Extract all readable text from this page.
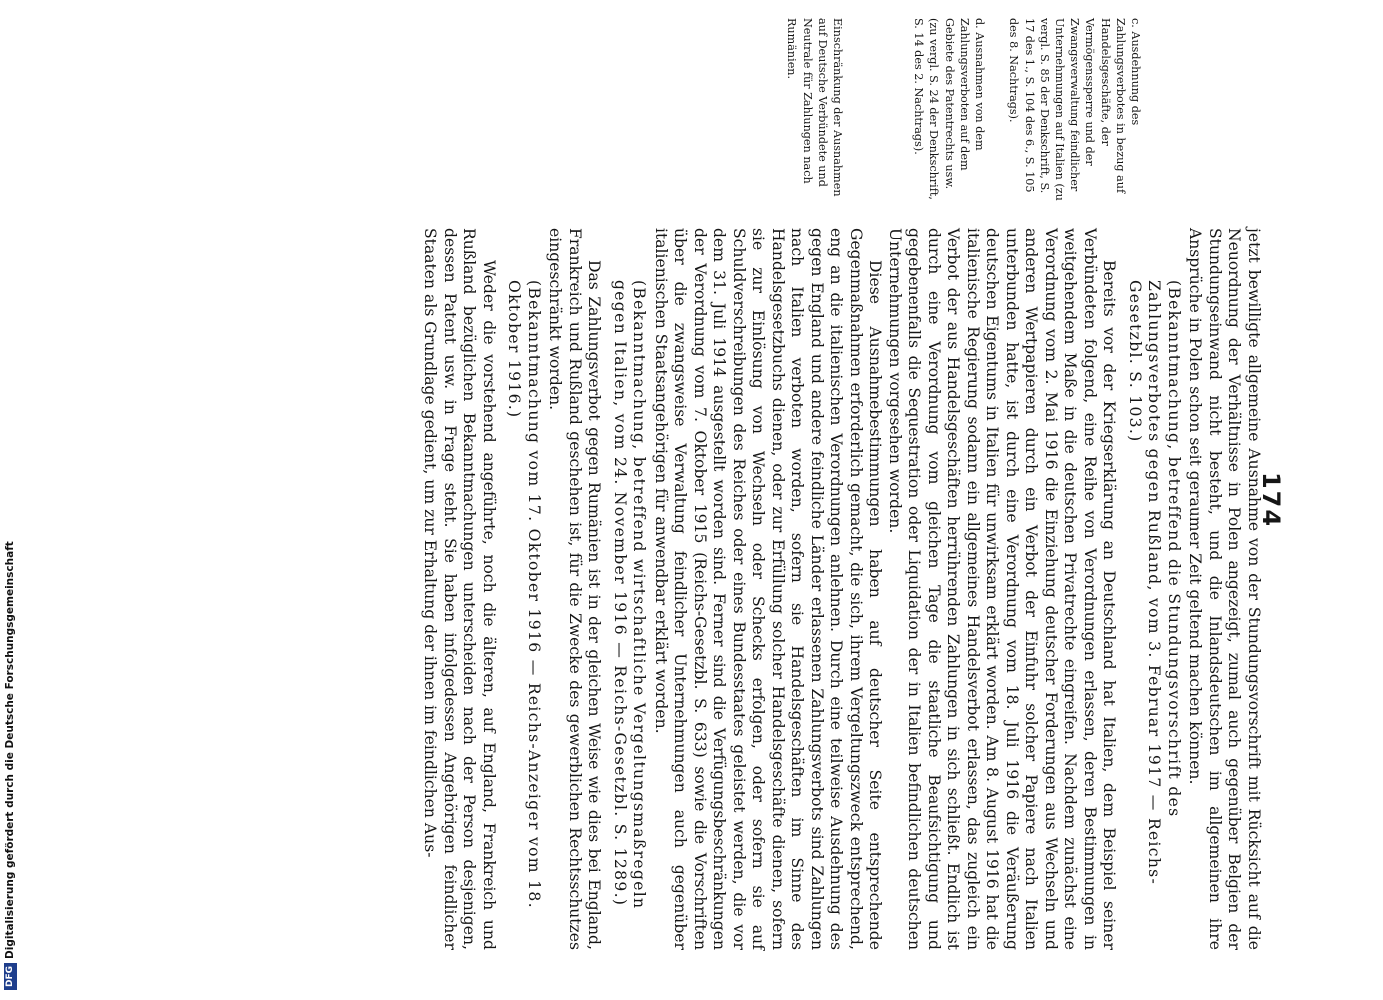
DFG
Digitalisierung gefördert durch die Deutsche Forschungsgemeinschaft
174
c. Ausdehnung des Zahlungsverbotes in bezug auf Handelsgeschäfte, der Vermögenssperre und der Zwangsverwaltung feindlicher Unternehmungen auf Italien (zu vergl. S. 85 der Denkschrift, S. 17 des 1., S. 104 des 6., S. 105 des 8. Nachtrags).
d. Ausnahmen von dem Zahlungsverboten auf dem Gebiete des Patentrechts usw. (zu vergl. S. 24 der Denkschrift, S. 14 des 2. Nachtrags).
Einschränkung der Ausnahmen auf Deutsche Verbündete und Neutrale für Zahlungen nach Rumänien.

jetzt bewilligte allgemeine Ausnahme von der Stundungsvorschrift mit Rücksicht auf die Neuordnung der Verhältnisse in Polen angezeigt, zumal auch gegenüber Belgien der Stundungseinwand nicht besteht, und die Inlandsdeutschen im allgemeinen ihre Ansprüche in Polen schon seit geraumer Zeit geltend machen können.

(Bekanntmachung, betreffend die Stundungsvorschrift des Zahlungsverbotes gegen Rußland, vom 3. Februar 1917 — Reichs-Gesetzbl. S. 103.)

Bereits vor der Kriegserklärung an Deutschland hat Italien, dem Beispiel seiner Verbündeten folgend, eine Reihe von Verordnungen erlassen, deren Bestimmungen in weitgehendem Maße in die deutschen Privatrechte eingreifen. Nachdem zunächst eine Verordnung vom 2. Mai 1916 die Einziehung deutscher Forderungen aus Wechseln und anderen Wertpapieren durch ein Verbot der Einfuhr solcher Papiere nach Italien unterbunden hatte, ist durch eine Verordnung vom 18. Juli 1916 die Veräußerung deutschen Eigentums in Italien für unwirksam erklärt worden. Am 8. August 1916 hat die italienische Regierung sodann ein allgemeines Handelsverbot erlassen, das zugleich ein Verbot der aus Handelsgeschäften herrührenden Zahlungen in sich schließt. Endlich ist durch eine Verordnung vom gleichen Tage die staatliche Beaufsichtigung und gegebenenfalls die Sequestration oder Liquidation der in Italien befindlichen deutschen Unternehmungen vorgesehen worden.

Diese Ausnahmebestimmungen haben auf deutscher Seite entsprechende Gegenmaßnahmen erforderlich gemacht, die sich, ihrem Vergeltungszweck entsprechend, eng an die italienischen Verordnungen anlehnen. Durch eine teilweise Ausdehnung des gegen England und andere feindliche Länder erlassenen Zahlungsverbots sind Zahlungen nach Italien verboten worden, sofern sie Handelsgeschäften im Sinne des Handelsgesetzbuchs dienen, oder zur Erfüllung solcher Handelsgeschäfte dienen, sofern sie zur Einlösung von Wechseln oder Schecks erfolgen, oder sofern sie auf Schuldverschreibungen des Reiches oder eines Bundesstaates geleistet werden, die vor dem 31. Juli 1914 ausgestellt worden sind. Ferner sind die Verfügungsbeschränkungen der Verordnung vom 7. Oktober 1915 (Reichs-Gesetzbl. S. 633) sowie die Vorschriften über die zwangsweise Verwaltung feindlicher Unternehmungen auch gegenüber italienischen Staatsangehörigen für anwendbar erklärt worden.

(Bekanntmachung, betreffend wirtschaftliche Vergeltungsmaßregeln gegen Italien, vom 24. November 1916 — Reichs-Gesetzbl. S. 1289.)

Das Zahlungsverbot gegen Rumänien ist in der gleichen Weise wie dies bei England, Frankreich und Rußland geschehen ist, für die Zwecke des gewerblichen Rechtsschutzes eingeschränkt worden.

(Bekanntmachung vom 17. Oktober 1916 — Reichs-Anzeiger vom 18. Oktober 1916.)

Weder die vorstehend angeführte, noch die älteren, auf England, Frankreich und Rußland bezüglichen Bekanntmachungen unterscheiden nach der Person desjenigen, dessen Patent usw. in Frage steht. Sie haben infolgedessen Angehörigen feindlicher Staaten als Grundlage gedient, um zur Erhaltung der ihnen im feindlichen Aus-
